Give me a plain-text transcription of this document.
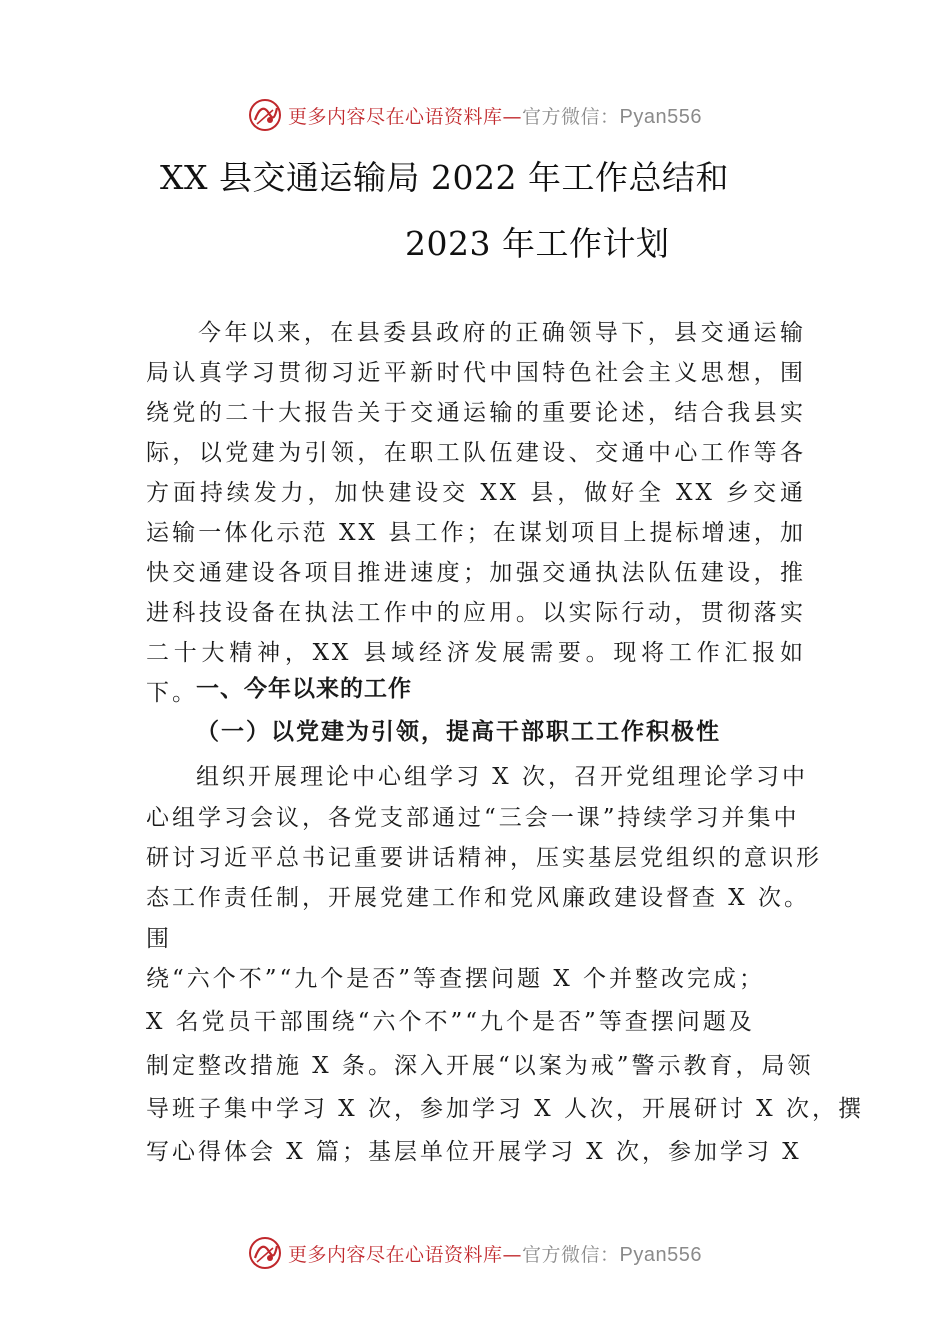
更多内容尽在心语资料库—官方微信：Pyan556
XX 县交通运输局 2022 年工作总结和
2023 年工作计划

今年以来，在县委县政府的正确领导下，县交通运输局认真学习贯彻习近平新时代中国特色社会主义思想，围绕党的二十大报告关于交通运输的重要论述，结合我县实际，以党建为引领，在职工队伍建设、交通中心工作等各方面持续发力，加快建设交 XX 县，做好全 XX 乡交通运输一体化示范 XX 县工作；在谋划项目上提标增速，加快交通建设各项目推进速度；加强交通执法队伍建设，推进科技设备在执法工作中的应用。以实际行动，贯彻落实二十大精神，XX 县域经济发展需要。现将工作汇报如下。

一、今年以来的工作

（一）以党建为引领，提高干部职工工作积极性

组织开展理论中心组学习 X 次，召开党组理论学习中

心组学习会议，各党支部通过“三会一课”持续学习并集中

研讨习近平总书记重要讲话精神，压实基层党组织的意识形

态工作责任制，开展党建工作和党风廉政建设督查 X 次。

围

绕“六个不”“九个是否”等查摆问题 X 个并整改完成；

X 名党员干部围绕“六个不”“九个是否”等查摆问题及

制定整改措施 X 条。深入开展“以案为戒”警示教育，局领

导班子集中学习 X 次，参加学习 X 人次，开展研讨 X 次，撰

写心得体会 X 篇；基层单位开展学习 X 次，参加学习 X

更多内容尽在心语资料库—官方微信：Pyan556
